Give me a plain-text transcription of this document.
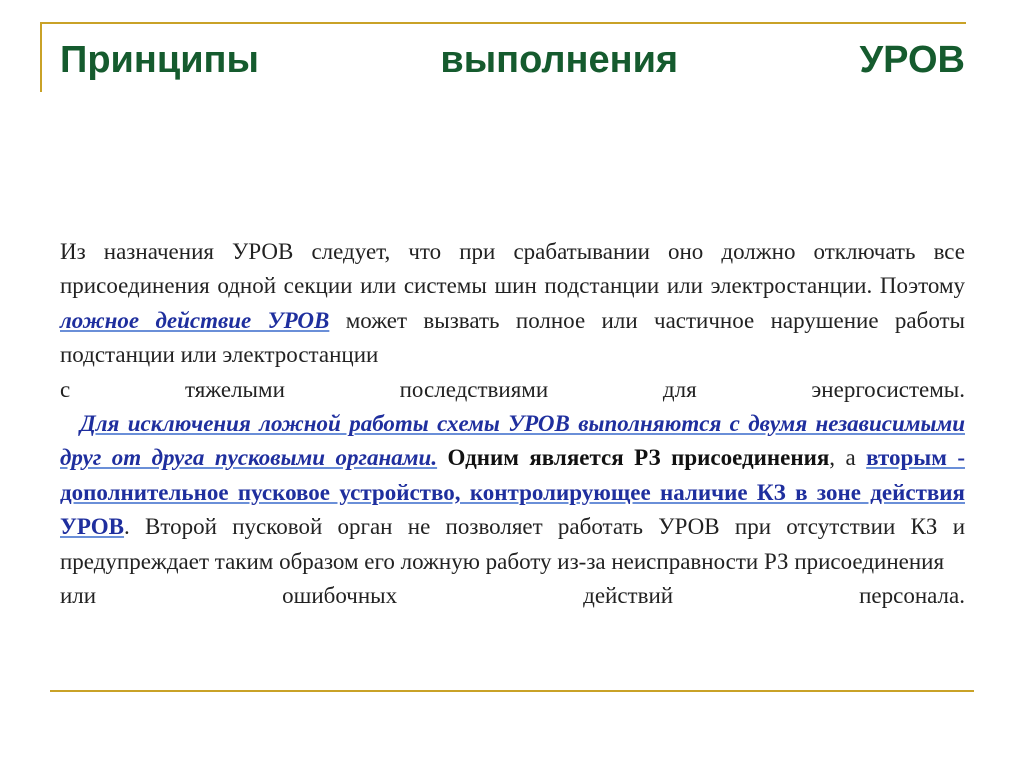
Принципы	выполнения	УРОВ
Из назначения УРОВ следует, что при срабатывании оно должно отключать все присоединения одной секции или системы шин подстанции или электростанции. Поэтому ложное действие УРОВ может вызвать полное или частичное нарушение работы подстанции или электростанции
с тяжелыми последствиями для энергосистемы.
Для исключения ложной работы схемы УРОВ выполняются с двумя независимыми друг от друга пусковыми органами. Одним является РЗ присоединения, а вторым - дополнительное пусковое устройство, контролирующее наличие КЗ в зоне действия УРОВ. Второй пусковой орган не позволяет работать УРОВ при отсутствии КЗ и предупреждает таким образом его ложную работу из-за неисправности РЗ присоединения
или ошибочных действий персонала.
